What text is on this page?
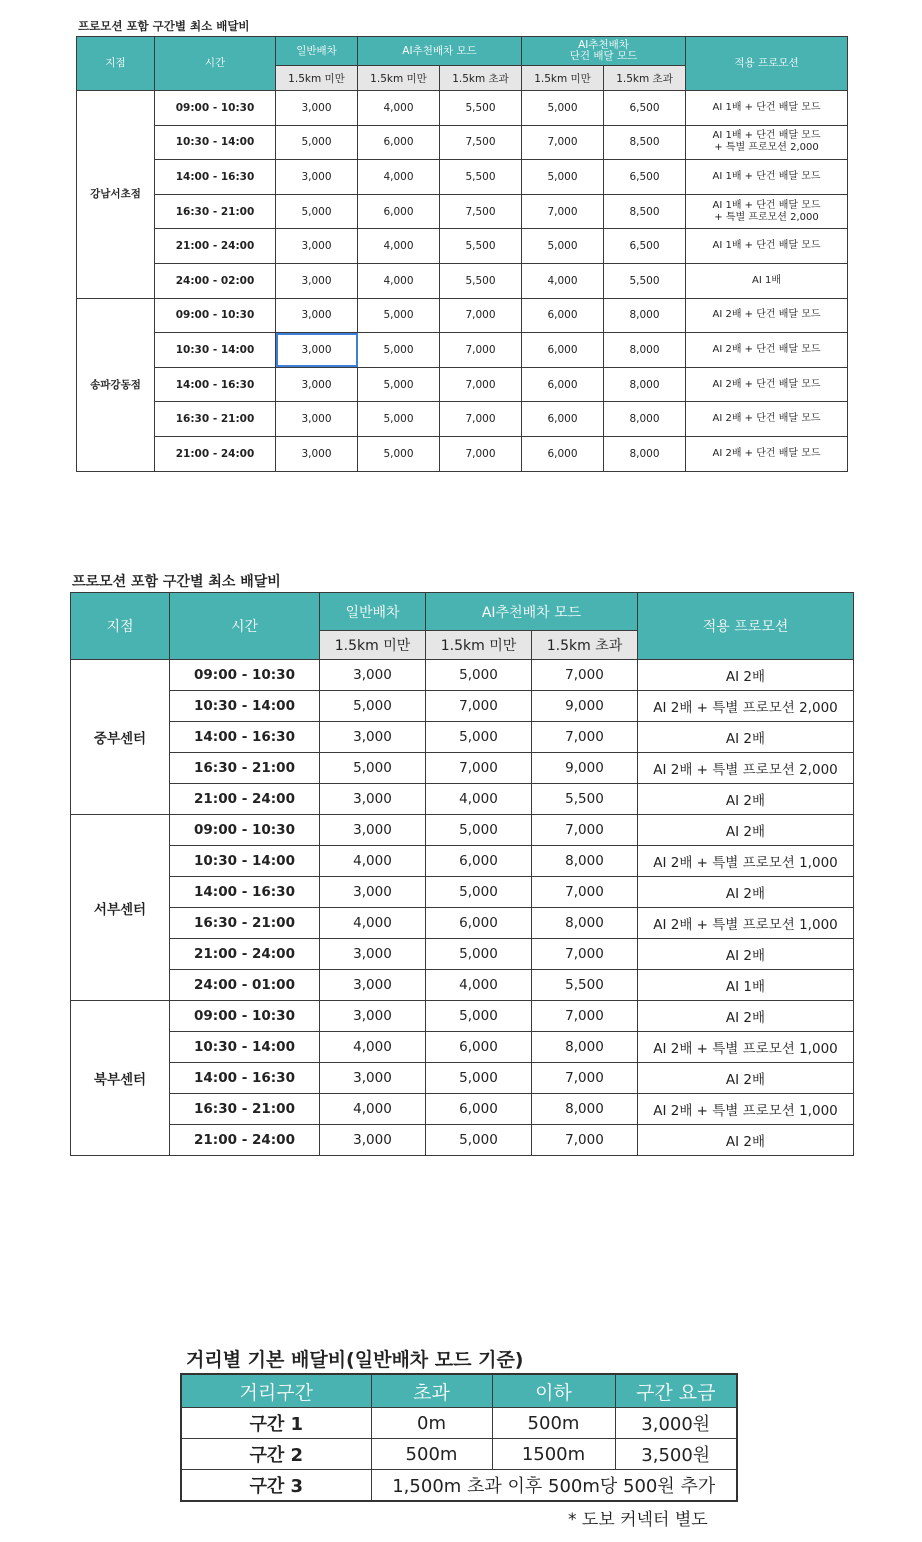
프로모션 포함 구간별 최소 배달비
지점	시간	일반배차	AI추천배차 모드		AI추천배차
단건 배달 모드		적용 프로모션
		1.5km 미만	1.5km 미만	1.5km 초과	1.5km 미만	1.5km 초과	
강남서초점	09:00 - 10:30	3,000	4,000	5,500	5,000	6,500	AI 1배 + 단건 배달 모드

	10:30 - 14:00	5,000	6,000	7,500	7,000	8,500	AI 1배 + 단건 배달 모드
+ 특별 프로모션 2,000

	14:00 - 16:30	3,000	4,000	5,500	5,000	6,500	AI 1배 + 단건 배달 모드

	16:30 - 21:00	5,000	6,000	7,500	7,000	8,500	AI 1배 + 단건 배달 모드
+ 특별 프로모션 2,000

	21:00 - 24:00	3,000	4,000	5,500	5,000	6,500	AI 1배 + 단건 배달 모드

	24:00 - 02:00	3,000	4,000	5,500	4,000	5,500	AI 1배

송파강동점	09:00 - 10:30	3,000	5,000	7,000	6,000	8,000	AI 2배 + 단건 배달 모드

	10:30 - 14:00	3,000	5,000	7,000	6,000	8,000	AI 2배 + 단건 배달 모드

	14:00 - 16:30	3,000	5,000	7,000	6,000	8,000	AI 2배 + 단건 배달 모드

	16:30 - 21:00	3,000	5,000	7,000	6,000	8,000	AI 2배 + 단건 배달 모드

	21:00 - 24:00	3,000	5,000	7,000	6,000	8,000	AI 2배 + 단건 배달 모드
프로모션 포함 구간별 최소 배달비
지점	시간	일반배차	AI추천배차 모드		적용 프로모션
		1.5km 미만	1.5km 미만	1.5km 초과	
중부센터	09:00 - 10:30	3,000	5,000	7,000	AI 2배
	10:30 - 14:00	5,000	7,000	9,000	AI 2배 + 특별 프로모션 2,000
	14:00 - 16:30	3,000	5,000	7,000	AI 2배
	16:30 - 21:00	5,000	7,000	9,000	AI 2배 + 특별 프로모션 2,000
	21:00 - 24:00	3,000	4,000	5,500	AI 2배
서부센터	09:00 - 10:30	3,000	5,000	7,000	AI 2배
	10:30 - 14:00	4,000	6,000	8,000	AI 2배 + 특별 프로모션 1,000
	14:00 - 16:30	3,000	5,000	7,000	AI 2배
	16:30 - 21:00	4,000	6,000	8,000	AI 2배 + 특별 프로모션 1,000
	21:00 - 24:00	3,000	5,000	7,000	AI 2배
	24:00 - 01:00	3,000	4,000	5,500	AI 1배
북부센터	09:00 - 10:30	3,000	5,000	7,000	AI 2배
	10:30 - 14:00	4,000	6,000	8,000	AI 2배 + 특별 프로모션 1,000
	14:00 - 16:30	3,000	5,000	7,000	AI 2배
	16:30 - 21:00	4,000	6,000	8,000	AI 2배 + 특별 프로모션 1,000
	21:00 - 24:00	3,000	5,000	7,000	AI 2배
거리별 기본 배달비(일반배차 모드 기준)
거리구간	초과	이하	구간 요금
구간 1	0m	500m	3,000원
구간 2	500m	1500m	3,500원
구간 3	1,500m 초과 이후 500m당 500원 추가		
* 도보 커넥터 별도
